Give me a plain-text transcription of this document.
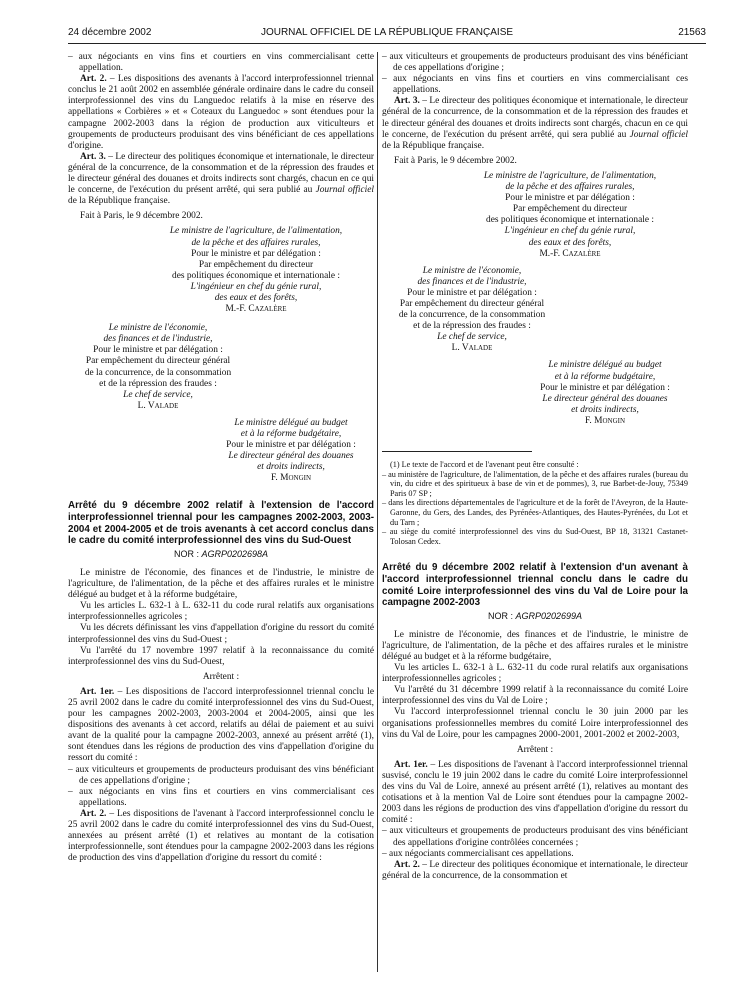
24 décembre 2002	JOURNAL OFFICIEL DE LA RÉPUBLIQUE FRANÇAISE	21563
– aux négociants en vins fins et courtiers en vins commercialisant cette appellation.

Art. 2. – Les dispositions des avenants à l'accord interprofessionnel triennal conclus le 21 août 2002 en assemblée générale ordinaire dans le cadre du conseil interprofessionnel des vins du Languedoc relatifs à la mise en réserve des appellations « Corbières » et « Coteaux du Languedoc » sont étendues pour la campagne 2002-2003 dans la région de production aux viticulteurs et groupements de producteurs produisant des vins bénéficiant de ces appellations d'origine.

Art. 3. – Le directeur des politiques économique et internationale, le directeur général de la concurrence, de la consommation et de la répression des fraudes et le directeur général des douanes et droits indirects sont chargés, chacun en ce qui le concerne, de l'exécution du présent arrêté, qui sera publié au Journal officiel de la République française.

Fait à Paris, le 9 décembre 2002.

Le ministre de l'agriculture, de l'alimentation,
de la pêche et des affaires rurales,
Pour le ministre et par délégation :
Par empêchement du directeur
des politiques économique et internationale :
L'ingénieur en chef du génie rural,
des eaux et des forêts,
M.-F. Cazalère
Le ministre de l'économie,
des finances et de l'industrie,
Pour le ministre et par délégation :
Par empêchement du directeur général
de la concurrence, de la consommation
et de la répression des fraudes :
Le chef de service,
L. Valade
Le ministre délégué au budget
et à la réforme budgétaire,
Pour le ministre et par délégation :
Le directeur général des douanes
et droits indirects,
F. Mongin
Arrêté du 9 décembre 2002 relatif à l'extension de l'accord interprofessionnel triennal pour les campagnes 2002-2003, 2003-2004 et 2004-2005 et de trois avenants à cet accord conclus dans le cadre du comité interprofessionnel des vins du Sud-Ouest
NOR : AGRP0202698A

Le ministre de l'économie, des finances et de l'industrie, le ministre de l'agriculture, de l'alimentation, de la pêche et des affaires rurales et le ministre délégué au budget et à la réforme budgétaire,

Vu les articles L. 632-1 à L. 632-11 du code rural relatifs aux organisations interprofessionnelles agricoles ;

Vu les décrets définissant les vins d'appellation d'origine du ressort du comité interprofessionnel des vins du Sud-Ouest ;

Vu l'arrêté du 17 novembre 1997 relatif à la reconnaissance du comité interprofessionnel des vins du Sud-Ouest,

Arrêtent :

Art. 1er. – Les dispositions de l'accord interprofessionnel triennal conclu le 25 avril 2002 dans le cadre du comité interprofessionnel des vins du Sud-Ouest, pour les campagnes 2002-2003, 2003-2004 et 2004-2005, ainsi que les dispositions des avenants à cet accord, relatifs au délai de paiement et au suivi avant de la qualité pour la campagne 2002-2003, annexé au présent arrêté (1), sont étendues dans les régions de production des vins d'appellation d'origine du ressort du comité :

– aux viticulteurs et groupements de producteurs produisant des vins bénéficiant de ces appellations d'origine ;
– aux négociants en vins fins et courtiers en vins commercialisant ces appellations.

Art. 2. – Les dispositions de l'avenant à l'accord interprofessionnel conclu le 25 avril 2002 dans le cadre du comité interprofessionnel des vins du Sud-Ouest, annexées au présent arrêté (1) et relatives au montant de la cotisation interprofessionnelle, sont étendues pour la campagne 2002-2003 dans les régions de production des vins d'appellation d'origine du ressort du comité :

– aux viticulteurs et groupements de producteurs produisant des vins bénéficiant de ces appellations d'origine ;
– aux négociants en vins fins et courtiers en vins commercialisant ces appellations.

Art. 3. – Le directeur des politiques économique et internationale, le directeur général de la concurrence, de la consommation et de la répression des fraudes et le directeur général des douanes et droits indirects sont chargés, chacun en ce qui le concerne, de l'exécution du présent arrêté, qui sera publié au Journal officiel de la République française.

Fait à Paris, le 9 décembre 2002.

Le ministre de l'agriculture, de l'alimentation,
de la pêche et des affaires rurales,
Pour le ministre et par délégation :
Par empêchement du directeur
des politiques économique et internationale :
L'ingénieur en chef du génie rural,
des eaux et des forêts,
M.-F. Cazalère
Le ministre de l'économie,
des finances et de l'industrie,
Pour le ministre et par délégation :
Par empêchement du directeur général
de la concurrence, de la consommation
et de la répression des fraudes :
Le chef de service,
L. Valade
Le ministre délégué au budget
et à la réforme budgétaire,
Pour le ministre et par délégation :
Le directeur général des douanes
et droits indirects,
F. Mongin

(1) Le texte de l'accord et de l'avenant peut être consulté :

– au ministère de l'agriculture, de l'alimentation, de la pêche et des affaires rurales (bureau du vin, du cidre et des spiritueux à base de vin et de pommes), 3, rue Barbet-de-Jouy, 75349 Paris 07 SP ;
– dans les directions départementales de l'agriculture et de la forêt de l'Aveyron, de la Haute-Garonne, du Gers, des Landes, des Pyrénées-Atlantiques, des Hautes-Pyrénées, du Lot et du Tarn ;
– au siège du comité interprofessionnel des vins du Sud-Ouest, BP 18, 31321 Castanet-Tolosan Cedex.
Arrêté du 9 décembre 2002 relatif à l'extension d'un avenant à l'accord interprofessionnel triennal conclu dans le cadre du comité Loire interprofessionnel des vins du Val de Loire pour la campagne 2002-2003
NOR : AGRP0202699A

Le ministre de l'économie, des finances et de l'industrie, le ministre de l'agriculture, de l'alimentation, de la pêche et des affaires rurales et le ministre délégué au budget et à la réforme budgétaire,

Vu les articles L. 632-1 à L. 632-11 du code rural relatifs aux organisations interprofessionnelles agricoles ;

Vu l'arrêté du 31 décembre 1999 relatif à la reconnaissance du comité Loire interprofessionnel des vins du Val de Loire ;

Vu l'accord interprofessionnel triennal conclu le 30 juin 2000 par les organisations professionnelles membres du comité Loire interprofessionnel des vins du Val de Loire, pour les campagnes 2000-2001, 2001-2002 et 2002-2003,

Arrêtent :

Art. 1er. – Les dispositions de l'avenant à l'accord interprofessionnel triennal susvisé, conclu le 19 juin 2002 dans le cadre du comité Loire interprofessionnel des vins du Val de Loire, annexé au présent arrêté (1), relatives au montant des cotisations et à la mention Val de Loire sont étendues pour la campagne 2002-2003 dans les régions de production des vins d'appellation d'origine du ressort du comité :

– aux viticulteurs et groupements de producteurs produisant des vins bénéficiant des appellations d'origine contrôlées concernées ;
– aux négociants commercialisant ces appellations.

Art. 2. – Le directeur des politiques économique et internationale, le directeur général de la concurrence, de la consommation et
